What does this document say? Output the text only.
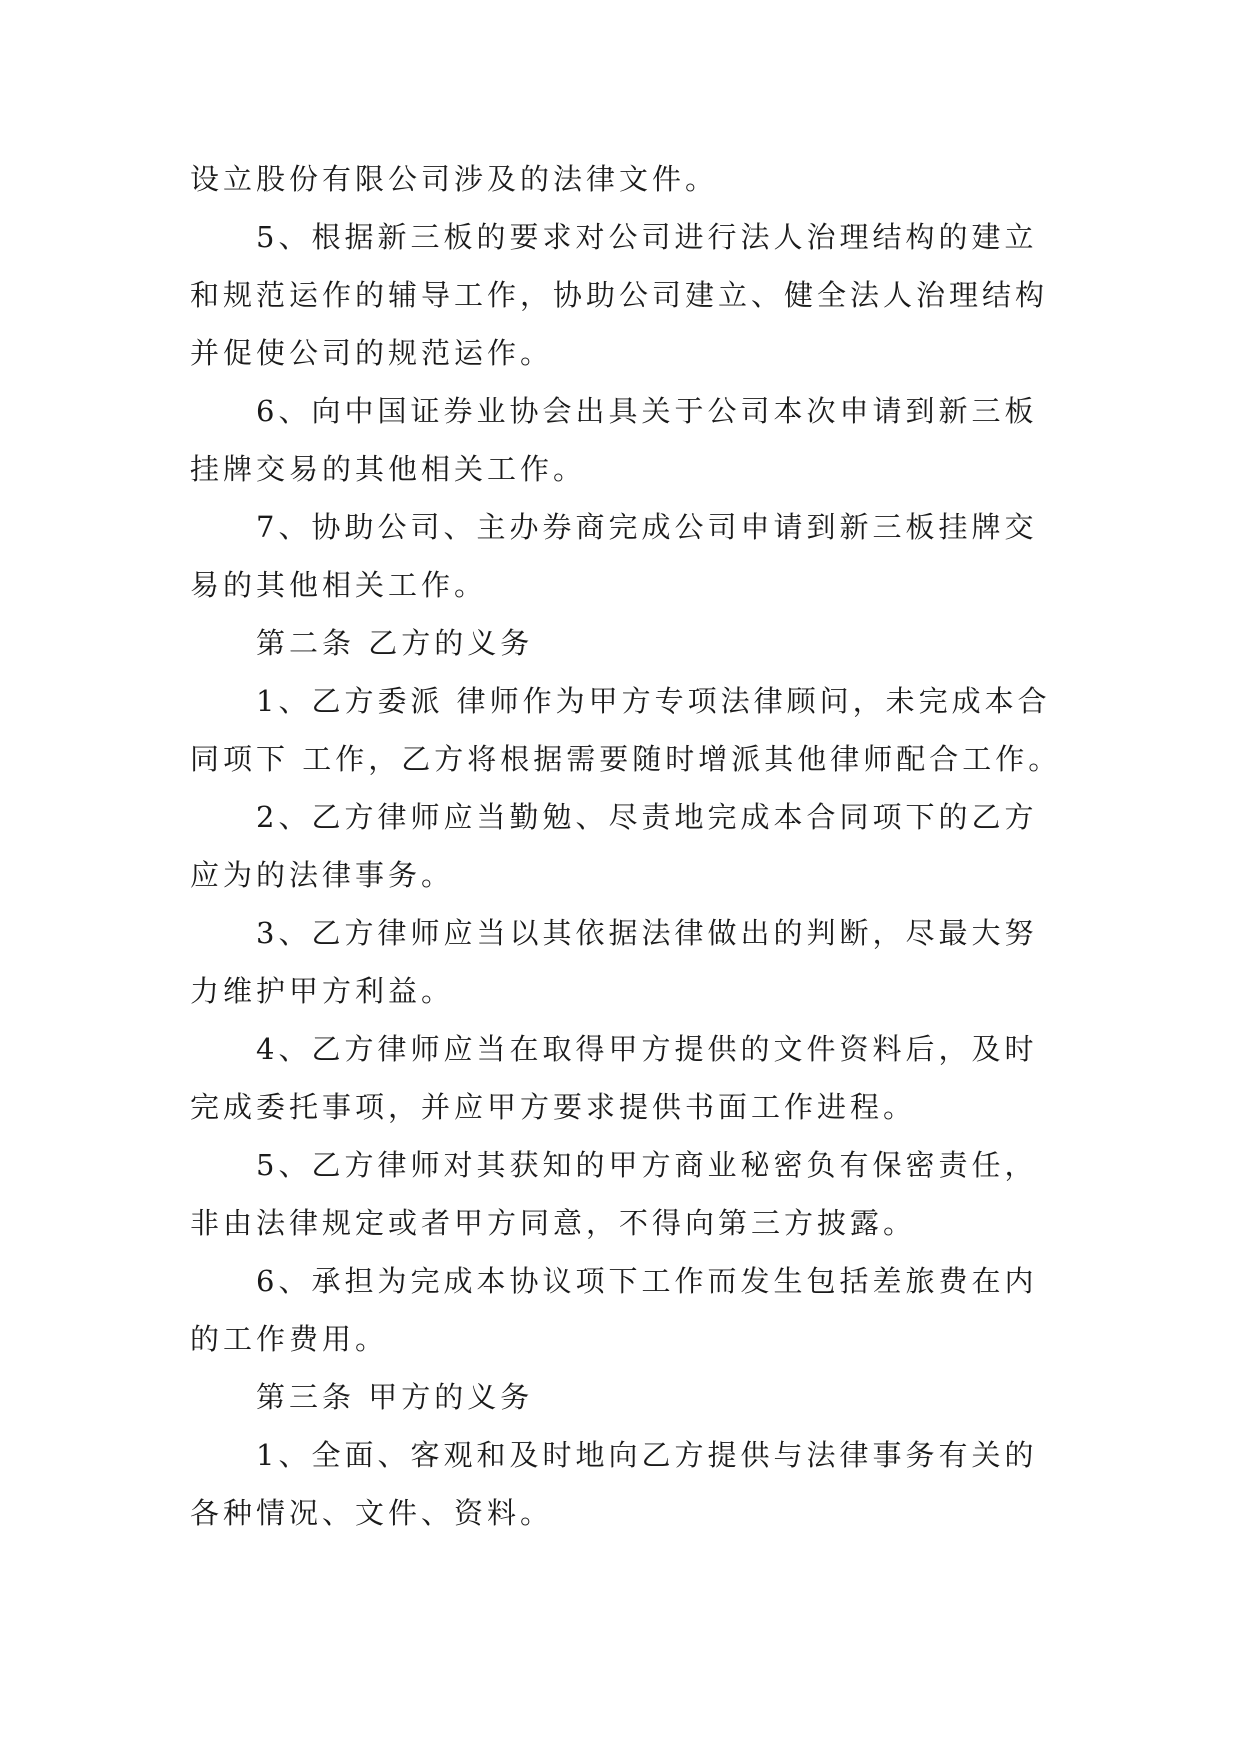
设立股份有限公司涉及的法律文件。
5、根据新三板的要求对公司进行法人治理结构的建立
和规范运作的辅导工作，协助公司建立、健全法人治理结构
并促使公司的规范运作。
6、向中国证券业协会出具关于公司本次申请到新三板
挂牌交易的其他相关工作。
7、协助公司、主办券商完成公司申请到新三板挂牌交
易的其他相关工作。
第二条 乙方的义务
1、乙方委派 律师作为甲方专项法律顾问，未完成本合
同项下 工作，乙方将根据需要随时增派其他律师配合工作。
2、乙方律师应当勤勉、尽责地完成本合同项下的乙方
应为的法律事务。
3、乙方律师应当以其依据法律做出的判断，尽最大努
力维护甲方利益。
4、乙方律师应当在取得甲方提供的文件资料后，及时
完成委托事项，并应甲方要求提供书面工作进程。
5、乙方律师对其获知的甲方商业秘密负有保密责任，
非由法律规定或者甲方同意，不得向第三方披露。
6、承担为完成本协议项下工作而发生包括差旅费在内
的工作费用。
第三条 甲方的义务
1、全面、客观和及时地向乙方提供与法律事务有关的
各种情况、文件、资料。
